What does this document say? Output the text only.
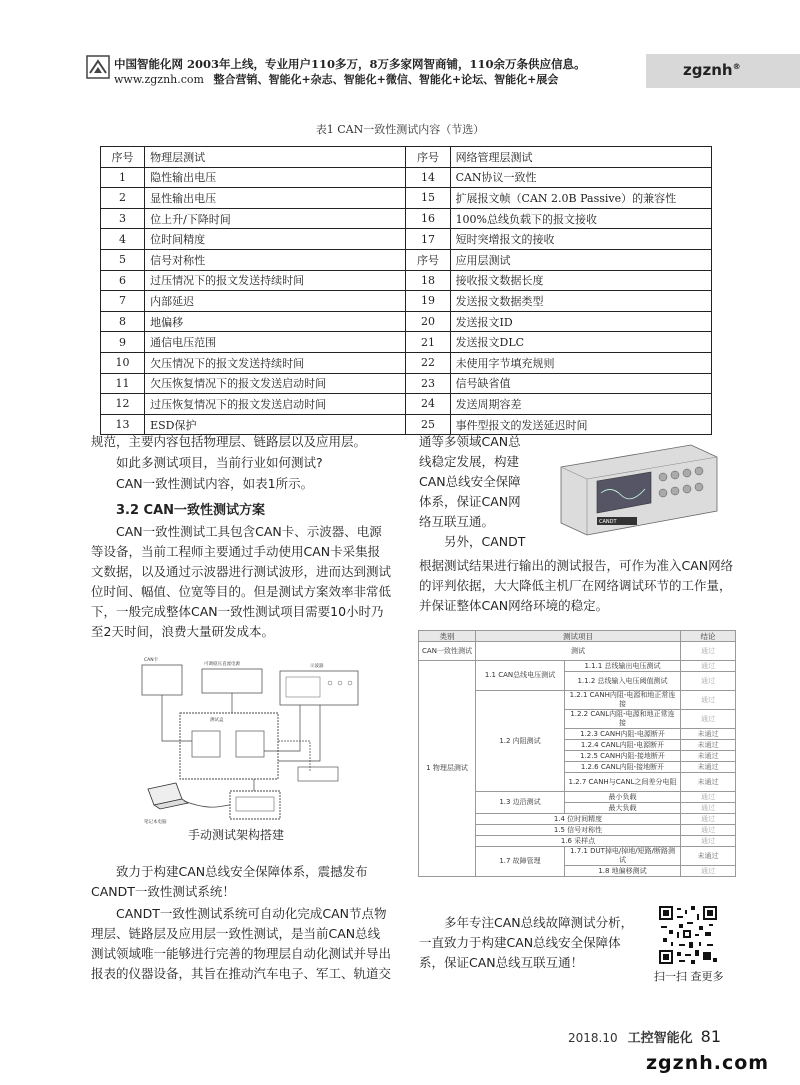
中国智能化网 2003年上线，专业用户110多万，8万多家网智商铺，110余万条供应信息。
www.zgznh.com 整合营销、智能化+杂志、智能化+微信、智能化+论坛、智能化+展会
zgznh®
表1 CAN一致性测试内容（节选）
序号	物理层测试	序号	网络管理层测试
1	隐性输出电压	14	CAN协议一致性
2	显性输出电压	15	扩展报文帧（CAN 2.0B Passive）的兼容性
3	位上升/下降时间	16	100%总线负载下的报文接收
4	位时间精度	17	短时突增报文的接收
5	信号对称性	序号	应用层测试
6	过压情况下的报文发送持续时间	18	接收报文数据长度
7	内部延迟	19	发送报文数据类型
8	地偏移	20	发送报文ID
9	通信电压范围	21	发送报文DLC
10	欠压情况下的报文发送持续时间	22	未使用字节填充规则
11	欠压恢复情况下的报文发送启动时间	23	信号缺省值
12	过压恢复情况下的报文发送启动时间	24	发送周期容差
13	ESD保护	25	事件型报文的发送延迟时间
规范，主要内容包括物理层、链路层以及应用层。
如此多测试项目，当前行业如何测试?
CAN一致性测试内容，如表1所示。
3.2 CAN一致性测试方案
CAN一致性测试工具包含CAN卡、示波器、电源
等设备，当前工程师主要通过手动使用CAN卡采集报
文数据，以及通过示波器进行测试波形，进而达到测试
位时间、幅值、位宽等目的。但是测试方案效率非常低
下，一般完成整体CAN一致性测试项目需要10小时乃
至2天时间，浪费大量研发成本。
CAN卡
可调稳压直流电源	示波器
测试盒
笔记本电脑
手动测试架构搭建
致力于构建CAN总线安全保障体系，震撼发布
CANDT一致性测试系统！
CANDT一致性测试系统可自动化完成CAN节点物
理层、链路层及应用层一致性测试，是当前CAN总线
测试领域唯一能够进行完善的物理层自动化测试并导出
报表的仪器设备，其旨在推动汽车电子、军工、轨道交
通等多领域CAN总
线稳定发展，构建
CAN总线安全保障
体系，保证CAN网
络互联互通。
另外，CANDT
CANDT
根据测试结果进行输出的测试报告，可作为准入CAN网络
的评判依据，大大降低主机厂在网络调试环节的工作量，
并保证整体CAN网络环境的稳定。
类别	测试项目		结论
CAN一致性测试	测试		通过
1 物理层测试	1.1 CAN总线电压测试	1.1.1 总线输出电压测试	通过
		1.1.2 总线输入电压阈值测试	通过
	1.2 内阻测试	1.2.1 CANH内阻-电源和地正常连接	通过
		1.2.2 CANL内阻-电源和地正常连接	通过
		1.2.3 CANH内阻-电源断开	未通过
		1.2.4 CANL内阻-电源断开	未通过
		1.2.5 CANH内阻-接地断开	未通过
		1.2.6 CANL内阻-接地断开	未通过
		1.2.7 CANH与CANL之间差分电阻	未通过
	1.3 边沿测试	最小负载	通过
		最大负载	通过
	1.4 位时间精度		通过
	1.5 信号对称性		通过
	1.6 采样点		通过
	1.7 故障管理	1.7.1 DUT掉电/掉地/短路/断路测试	未通过
		1.8 地偏移测试	通过
多年专注CAN总线故障测试分析，
一直致力于构建CAN总线安全保障体
系，保证CAN总线互联互通！
扫一扫 查更多
2018.10 工控智能化 81
zgznh.com
